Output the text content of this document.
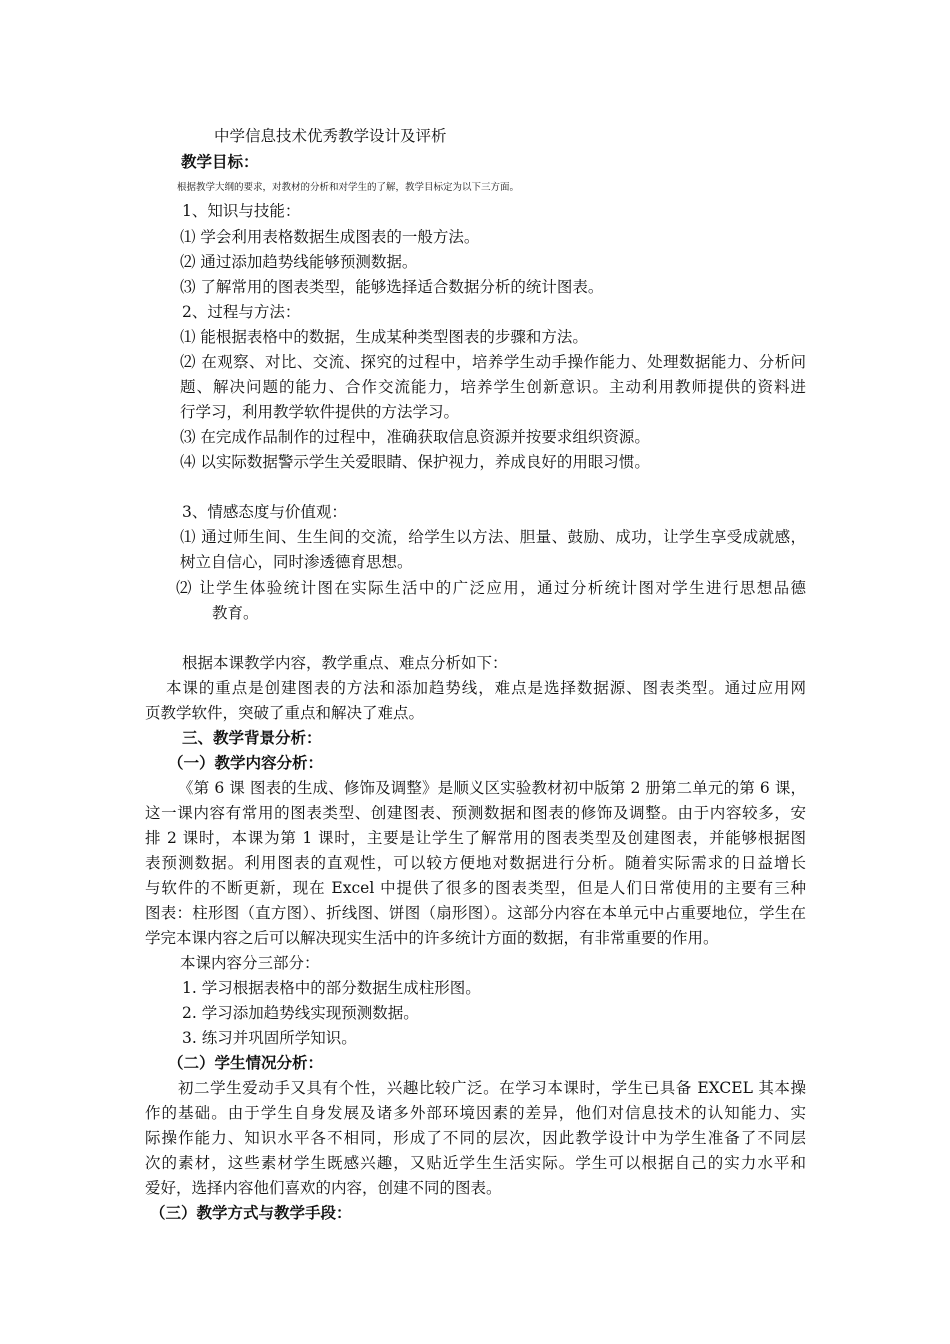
中学信息技术优秀教学设计及评析
教学目标：
根据教学大纲的要求，对教材的分析和对学生的了解，教学目标定为以下三方面。
1、知识与技能：
⑴ 学会利用表格数据生成图表的一般方法。
⑵ 通过添加趋势线能够预测数据。
⑶ 了解常用的图表类型，能够选择适合数据分析的统计图表。
2、过程与方法：
⑴ 能根据表格中的数据，生成某种类型图表的步骤和方法。
⑵ 在观察、对比、交流、探究的过程中，培养学生动手操作能力、处理数据能力、分析问
题、解决问题的能力、合作交流能力，培养学生创新意识。主动利用教师提供的资料进
行学习，利用教学软件提供的方法学习。
⑶ 在完成作品制作的过程中，准确获取信息资源并按要求组织资源。
⑷ 以实际数据警示学生关爱眼睛、保护视力，养成良好的用眼习惯。
3、情感态度与价值观：
⑴ 通过师生间、生生间的交流，给学生以方法、胆量、鼓励、成功，让学生享受成就感，
树立自信心，同时渗透德育思想。
⑵ 让学生体验统计图在实际生活中的广泛应用，通过分析统计图对学生进行思想品德
教育。
根据本课教学内容，教学重点、难点分析如下：
本课的重点是创建图表的方法和添加趋势线，难点是选择数据源、图表类型。通过应用网
页教学软件，突破了重点和解决了难点。
三、教学背景分析：
（一）教学内容分析：
《第 6 课 图表的生成、修饰及调整》是顺义区实验教材初中版第 2 册第二单元的第 6 课，
这一课内容有常用的图表类型、创建图表、预测数据和图表的修饰及调整。由于内容较多，安
排 2 课时，本课为第 1 课时，主要是让学生了解常用的图表类型及创建图表，并能够根据图
表预测数据。利用图表的直观性，可以较方便地对数据进行分析。随着实际需求的日益增长
与软件的不断更新，现在 Excel 中提供了很多的图表类型，但是人们日常使用的主要有三种
图表：柱形图（直方图）、折线图、饼图（扇形图）。这部分内容在本单元中占重要地位，学生在
学完本课内容之后可以解决现实生活中的许多统计方面的数据，有非常重要的作用。
本课内容分三部分：
1. 学习根据表格中的部分数据生成柱形图。
2. 学习添加趋势线实现预测数据。
3. 练习并巩固所学知识。
（二）学生情况分析：
初二学生爱动手又具有个性，兴趣比较广泛。在学习本课时，学生已具备 EXCEL 其本操
作的基础。由于学生自身发展及诸多外部环境因素的差异，他们对信息技术的认知能力、实
际操作能力、知识水平各不相同，形成了不同的层次，因此教学设计中为学生准备了不同层
次的素材，这些素材学生既感兴趣，又贴近学生生活实际。学生可以根据自己的实力水平和
爱好，选择内容他们喜欢的内容，创建不同的图表。
（三）教学方式与教学手段：
